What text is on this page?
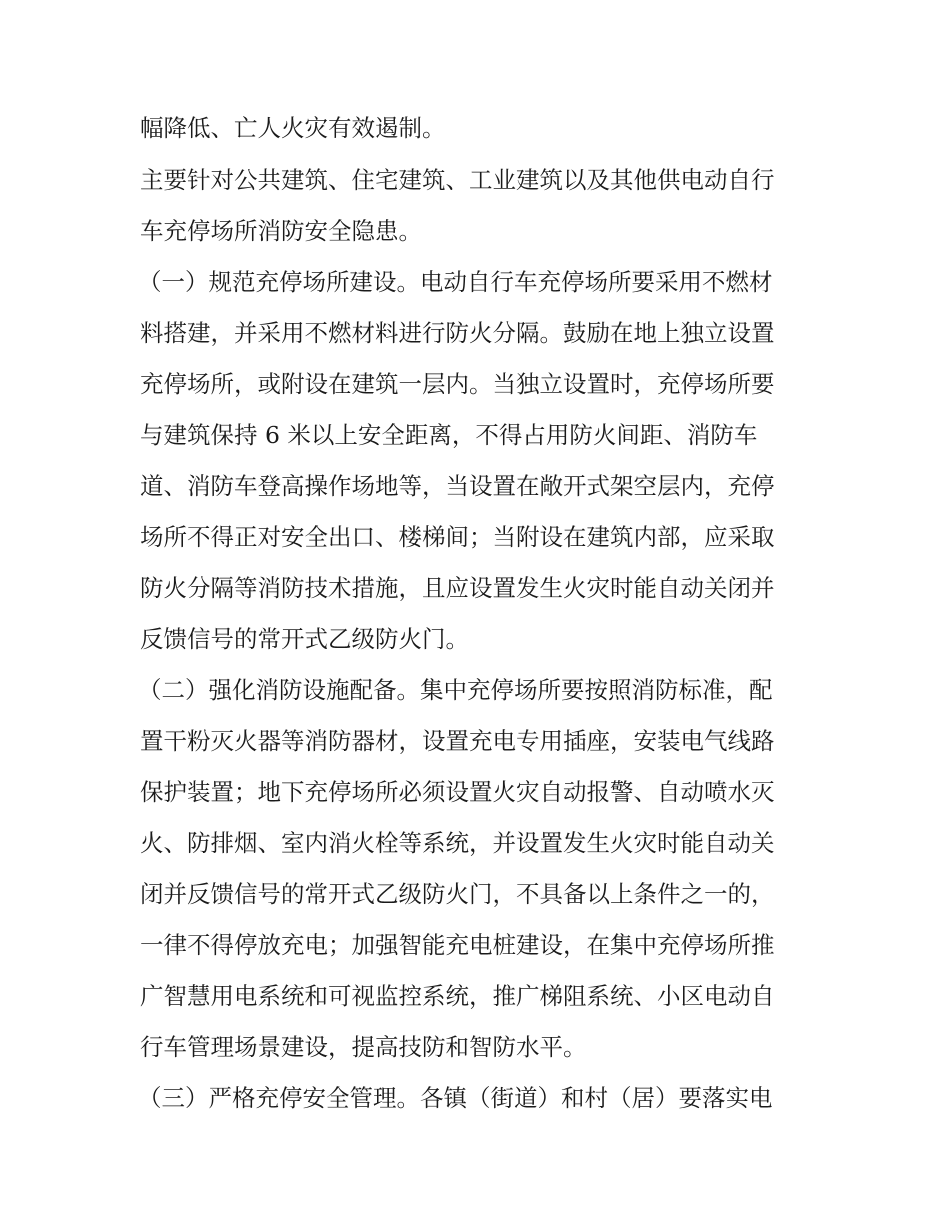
幅降低、亡人火灾有效遏制。
主要针对公共建筑、住宅建筑、工业建筑以及其他供电动自行
车充停场所消防安全隐患。
（一）规范充停场所建设。电动自行车充停场所要采用不燃材
料搭建，并采用不燃材料进行防火分隔。鼓励在地上独立设置
充停场所，或附设在建筑一层内。当独立设置时，充停场所要
与建筑保持 6 米以上安全距离，不得占用防火间距、消防车
道、消防车登高操作场地等，当设置在敞开式架空层内，充停
场所不得正对安全出口、楼梯间；当附设在建筑内部，应采取
防火分隔等消防技术措施，且应设置发生火灾时能自动关闭并
反馈信号的常开式乙级防火门。
（二）强化消防设施配备。集中充停场所要按照消防标准，配
置干粉灭火器等消防器材，设置充电专用插座，安装电气线路
保护装置；地下充停场所必须设置火灾自动报警、自动喷水灭
火、防排烟、室内消火栓等系统，并设置发生火灾时能自动关
闭并反馈信号的常开式乙级防火门，不具备以上条件之一的，
一律不得停放充电；加强智能充电桩建设，在集中充停场所推
广智慧用电系统和可视监控系统，推广梯阻系统、小区电动自
行车管理场景建设，提高技防和智防水平。
（三）严格充停安全管理。各镇（街道）和村（居）要落实电
